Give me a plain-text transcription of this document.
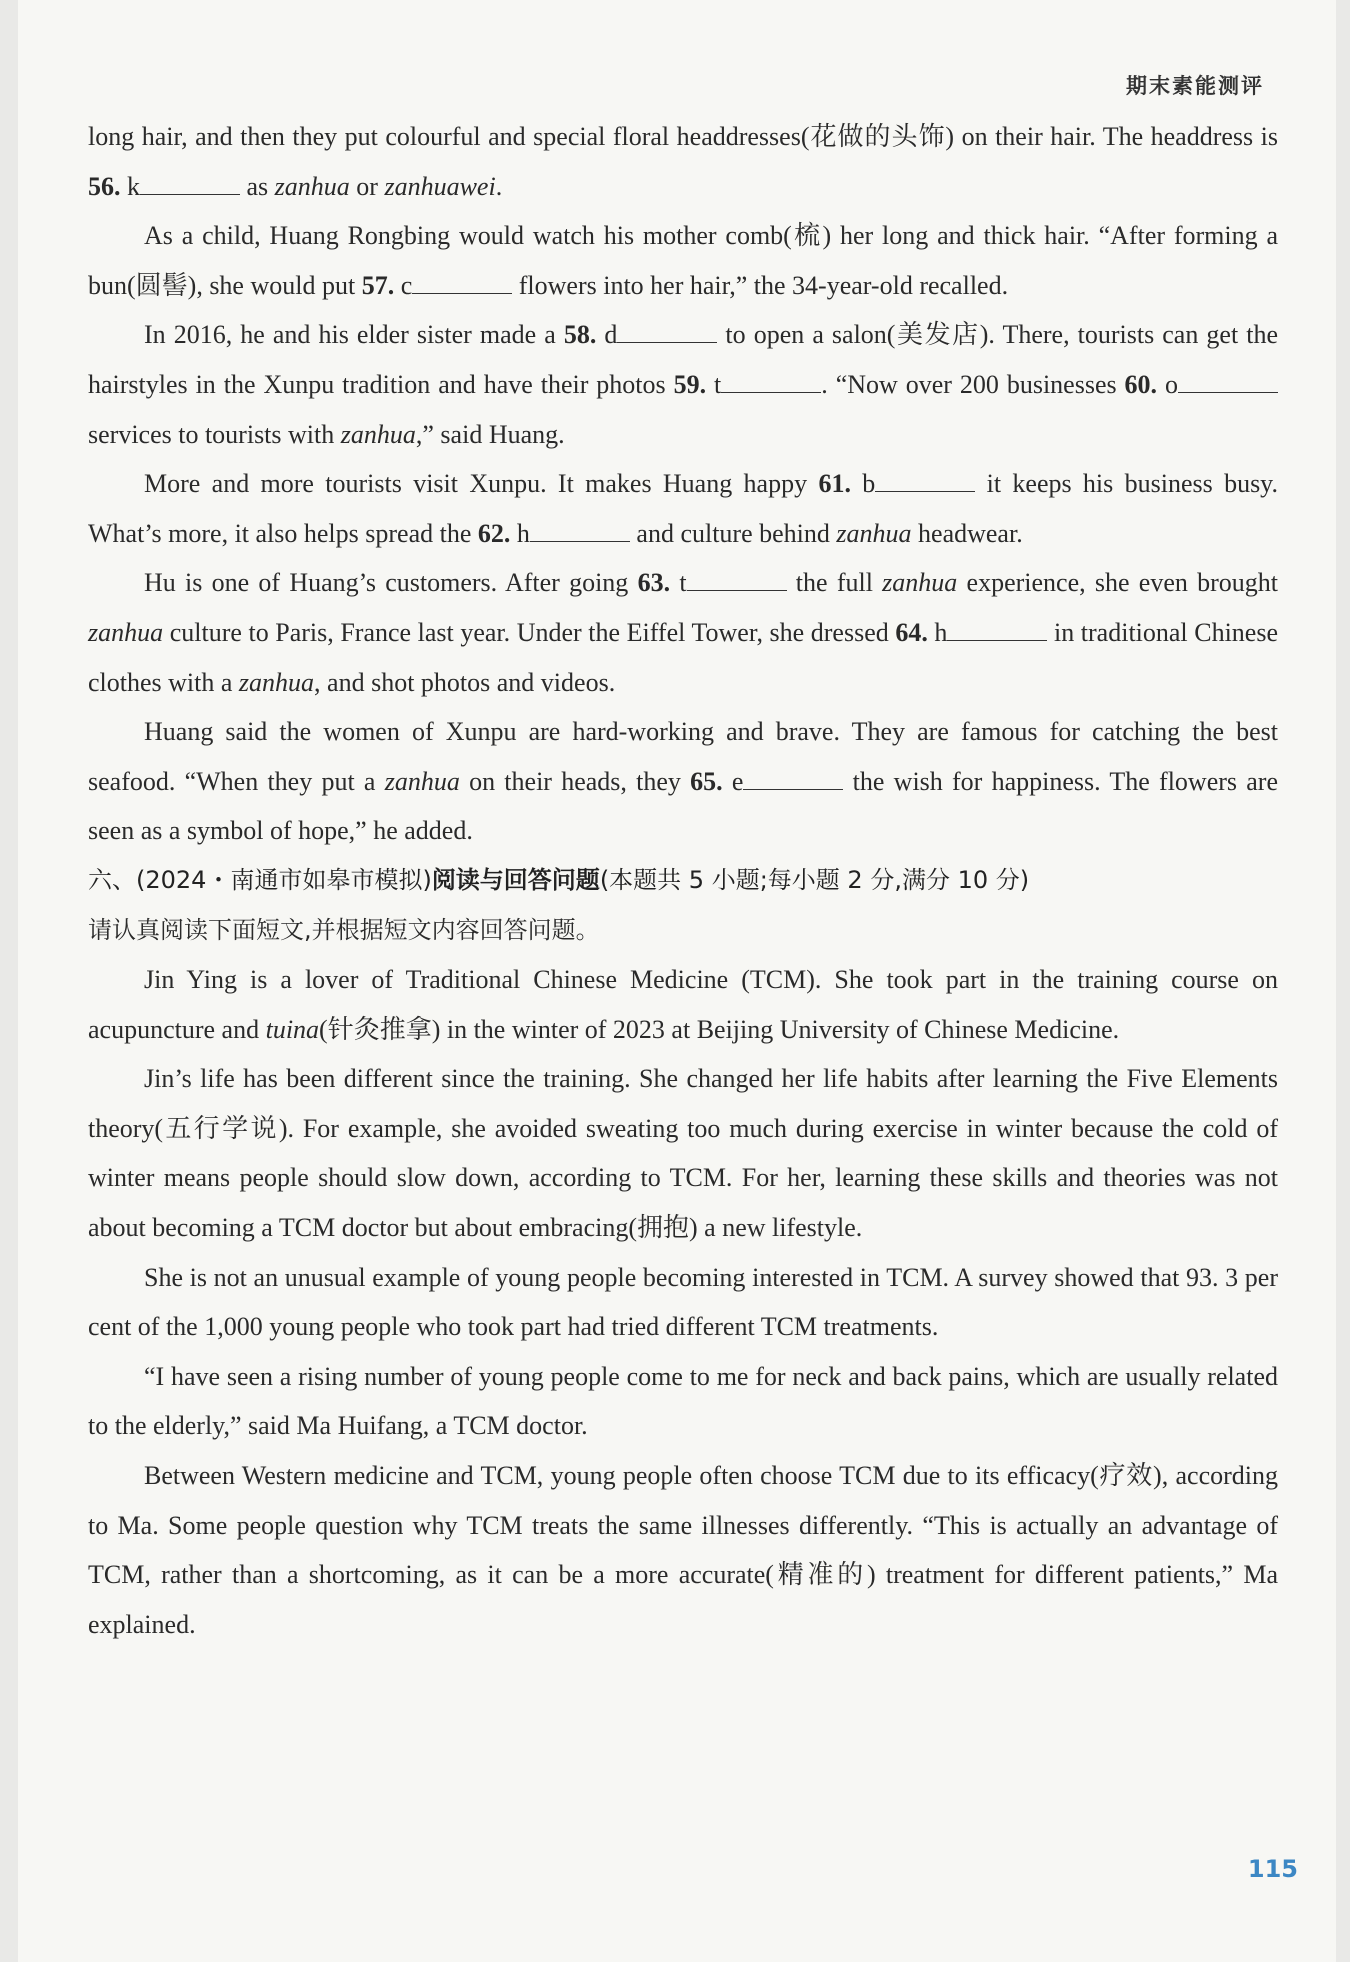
期末素能测评

long hair, and then they put colourful and special floral headdresses(花做的头饰) on their hair. The headdress is 56. k	as zanhua or zanhuawei.

As a child, Huang Rongbing would watch his mother comb(梳) her long and thick hair. “After forming a bun(圆髻), she would put 57. c	flowers into her hair,” the 34-year-old recalled.

In 2016, he and his elder sister made a 58. d	to open a salon(美发店). There, tourists can get the hairstyles in the Xunpu tradition and have their photos 59. t	. “Now over 200 businesses 60. o services to tourists with zanhua,” said Huang.

More and more tourists visit Xunpu. It makes Huang happy 61. b	it keeps his business busy. What’s more, it also helps spread the 62. h	and culture behind zanhua headwear.

Hu is one of Huang’s customers. After going 63. t	the full zanhua experience, she even brought zanhua culture to Paris, France last year. Under the Eiffel Tower, she dressed 64. h	in traditional Chinese clothes with a zanhua, and shot photos and videos.

Huang said the women of Xunpu are hard-working and brave. They are famous for catching the best seafood. “When they put a zanhua on their heads, they 65. e	the wish for happiness. The flowers are seen as a symbol of hope,” he added.

六、(2024・南通市如皋市模拟)阅读与回答问题(本题共 5 小题;每小题 2 分,满分 10 分)

请认真阅读下面短文,并根据短文内容回答问题。

Jin Ying is a lover of Traditional Chinese Medicine (TCM). She took part in the training course on acupuncture and tuina(针灸推拿) in the winter of 2023 at Beijing University of Chinese Medicine.

Jin’s life has been different since the training. She changed her life habits after learning the Five Elements theory(五行学说). For example, she avoided sweating too much during exercise in winter because the cold of winter means people should slow down, according to TCM. For her, learning these skills and theories was not about becoming a TCM doctor but about embracing(拥抱) a new lifestyle.

She is not an unusual example of young people becoming interested in TCM. A survey showed that 93. 3 per cent of the 1,000 young people who took part had tried different TCM treatments.

“I have seen a rising number of young people come to me for neck and back pains, which are usually related to the elderly,” said Ma Huifang, a TCM doctor.

Between Western medicine and TCM, young people often choose TCM due to its efficacy(疗效), according to Ma. Some people question why TCM treats the same illnesses differently. “This is actually an advantage of TCM, rather than a shortcoming, as it can be a more accurate(精准的) treatment for different patients,” Ma explained.

115
